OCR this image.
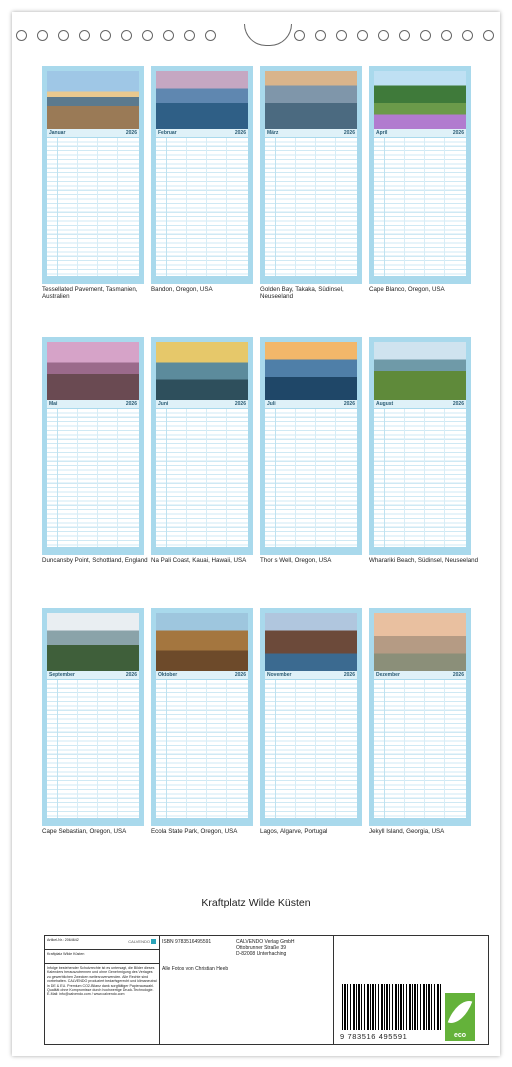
Januar	2026
Tessellated Pavement, Tasmanien, Australien
Februar	2026
Bandon, Oregon, USA
März	2026
Golden Bay, Takaka, Südinsel, Neuseeland
April	2026
Cape Blanco, Oregon, USA
Mai	2026
Duncansby Point, Schottland, England
Juni	2026
Na Pali Coast, Kauai, Hawaii, USA
Juli	2026
Thor s Well, Oregon, USA
August	2026
Wharariki Beach, Südinsel, Neuseeland
September	2026
Cape Sebastian, Oregon, USA
Oktober	2026
Ecola State Park, Oregon, USA
November	2026
Lagos, Algarve, Portugal
Dezember	2026
Jekyll Island, Georgia, USA
Kraftplatz Wilde Küsten
Artikel-Nr.: 2064642	CALVENDO
Kraftplatz Wilde Küsten
Infolge bestehender Schutzrechte ist es untersagt, die Bilder dieses Kalenders herauszutrennen und ohne Genehmigung des Verlages zu gewerblichen Zwecken weiterzuverwenden. Alle Rechte sind vorbehalten. CALVENDO produziert bedarfsgerecht und klimaneutral in DE & EU. Premium CO2-Bilanz dank sorgfältiger Papierauswahl. Qualität ohne Kompromisse durch hochwertige Druck-Technologie. E-Mail: info@calvendo.com / www.calvendo.com
ISBN 9783516495591	CALVENDO Verlag GmbH
Ottobrunner Straße 39
D-82008 Unterhaching
Alle Fotos von Christian Heeb
9 783516 495591	eco
